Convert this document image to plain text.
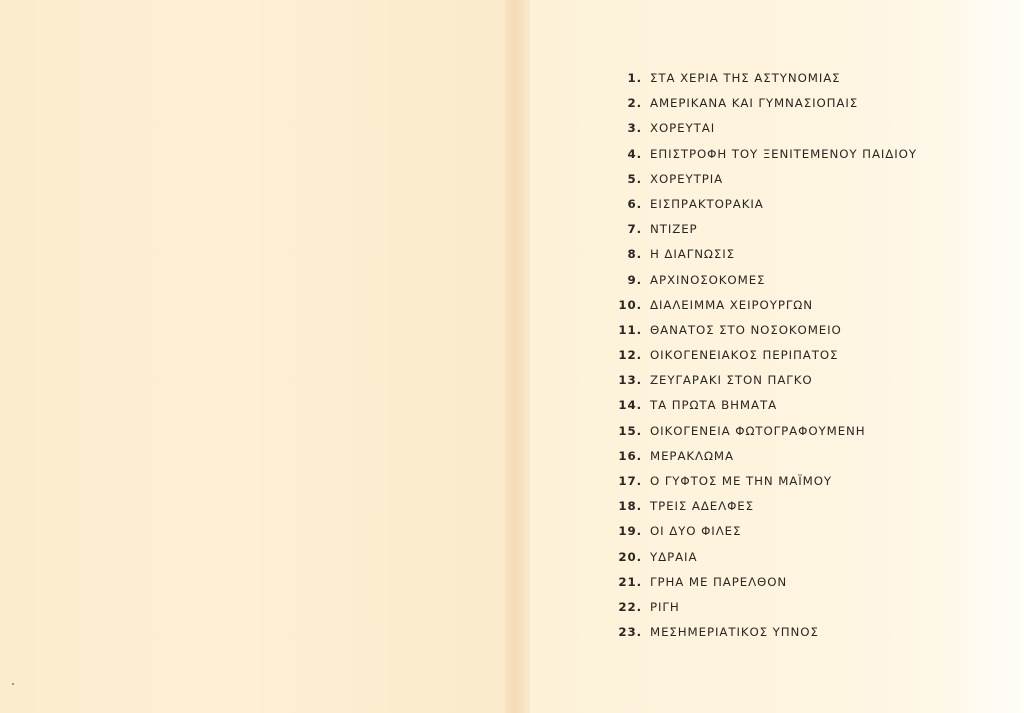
1. ΣΤΑ ΧΕΡΙΑ ΤΗΣ ΑΣΤΥΝΟΜΙΑΣ
2. ΑΜΕΡΙΚΑΝΑ ΚΑΙ ΓΥΜΝΑΣΙΟΠΑΙΣ
3. ΧΟΡΕΥΤΑΙ
4. ΕΠΙΣΤΡΟΦΗ ΤΟΥ ΞΕΝΙΤΕΜΕΝΟΥ ΠΑΙΔΙΟΥ
5. ΧΟΡΕΥΤΡΙΑ
6. ΕΙΣΠΡΑΚΤΟΡΑΚΙΑ
7. ΝΤΙΖΕΡ
8. Η ΔΙΑΓΝΩΣΙΣ
9. ΑΡΧΙΝΟΣΟΚΟΜΕΣ
10. ΔΙΑΛΕΙΜΜΑ ΧΕΙΡΟΥΡΓΩΝ
11. ΘΑΝΑΤΟΣ ΣΤΟ ΝΟΣΟΚΟΜΕΙΟ
12. ΟΙΚΟΓΕΝΕΙΑΚΟΣ ΠΕΡΙΠΑΤΟΣ
13. ΖΕΥΓΑΡΑΚΙ ΣΤΟΝ ΠΑΓΚΟ
14. ΤΑ ΠΡΩΤΑ ΒΗΜΑΤΑ
15. ΟΙΚΟΓΕΝΕΙΑ ΦΩΤΟΓΡΑΦΟΥΜΕΝΗ
16. ΜΕΡΑΚΛΩΜΑ
17. Ο ΓΥΦΤΟΣ ΜΕ ΤΗΝ ΜΑΪΜΟΥ
18. ΤΡΕΙΣ ΑΔΕΛΦΕΣ
19. ΟΙ ΔΥΟ ΦΙΛΕΣ
20. ΥΔΡΑΙΑ
21. ΓΡΗΑ ΜΕ ΠΑΡΕΛΘΟΝ
22. ΡΙΓΗ
23. ΜΕΣΗΜΕΡΙΑΤΙΚΟΣ ΥΠΝΟΣ
